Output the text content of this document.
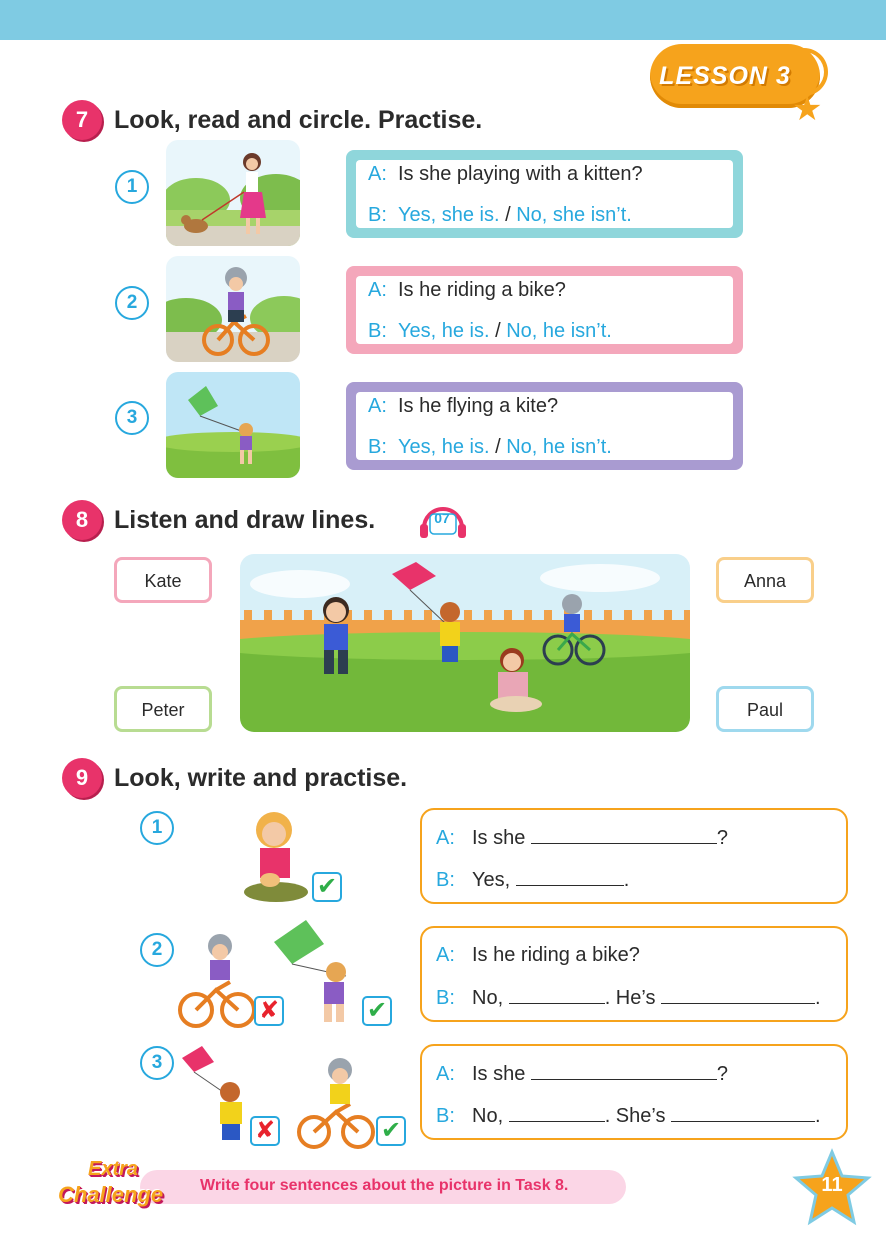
LESSON 3
★
7	Look, read and circle. Practise.
1
A: Is she playing with a kitten?
B: Yes, she is. / No, she isn’t.
2
A: Is he riding a bike?
B: Yes, he is. / No, he isn’t.
3
A: Is he flying a kite?
B: Yes, he is. / No, he isn’t.
8	Listen and draw lines.	07
Kate	Anna
Peter	Paul
9	Look, write and practise.
1
✔
A: Is she	?
B: Yes,	.
2
✘	✔
A: Is he riding a bike?
B: No,	. He’s	.
3
✘	✔
A: Is she	?
B: No,	. She’s	.
Extra
Challenge Write four sentences about the picture in Task 8.	11
